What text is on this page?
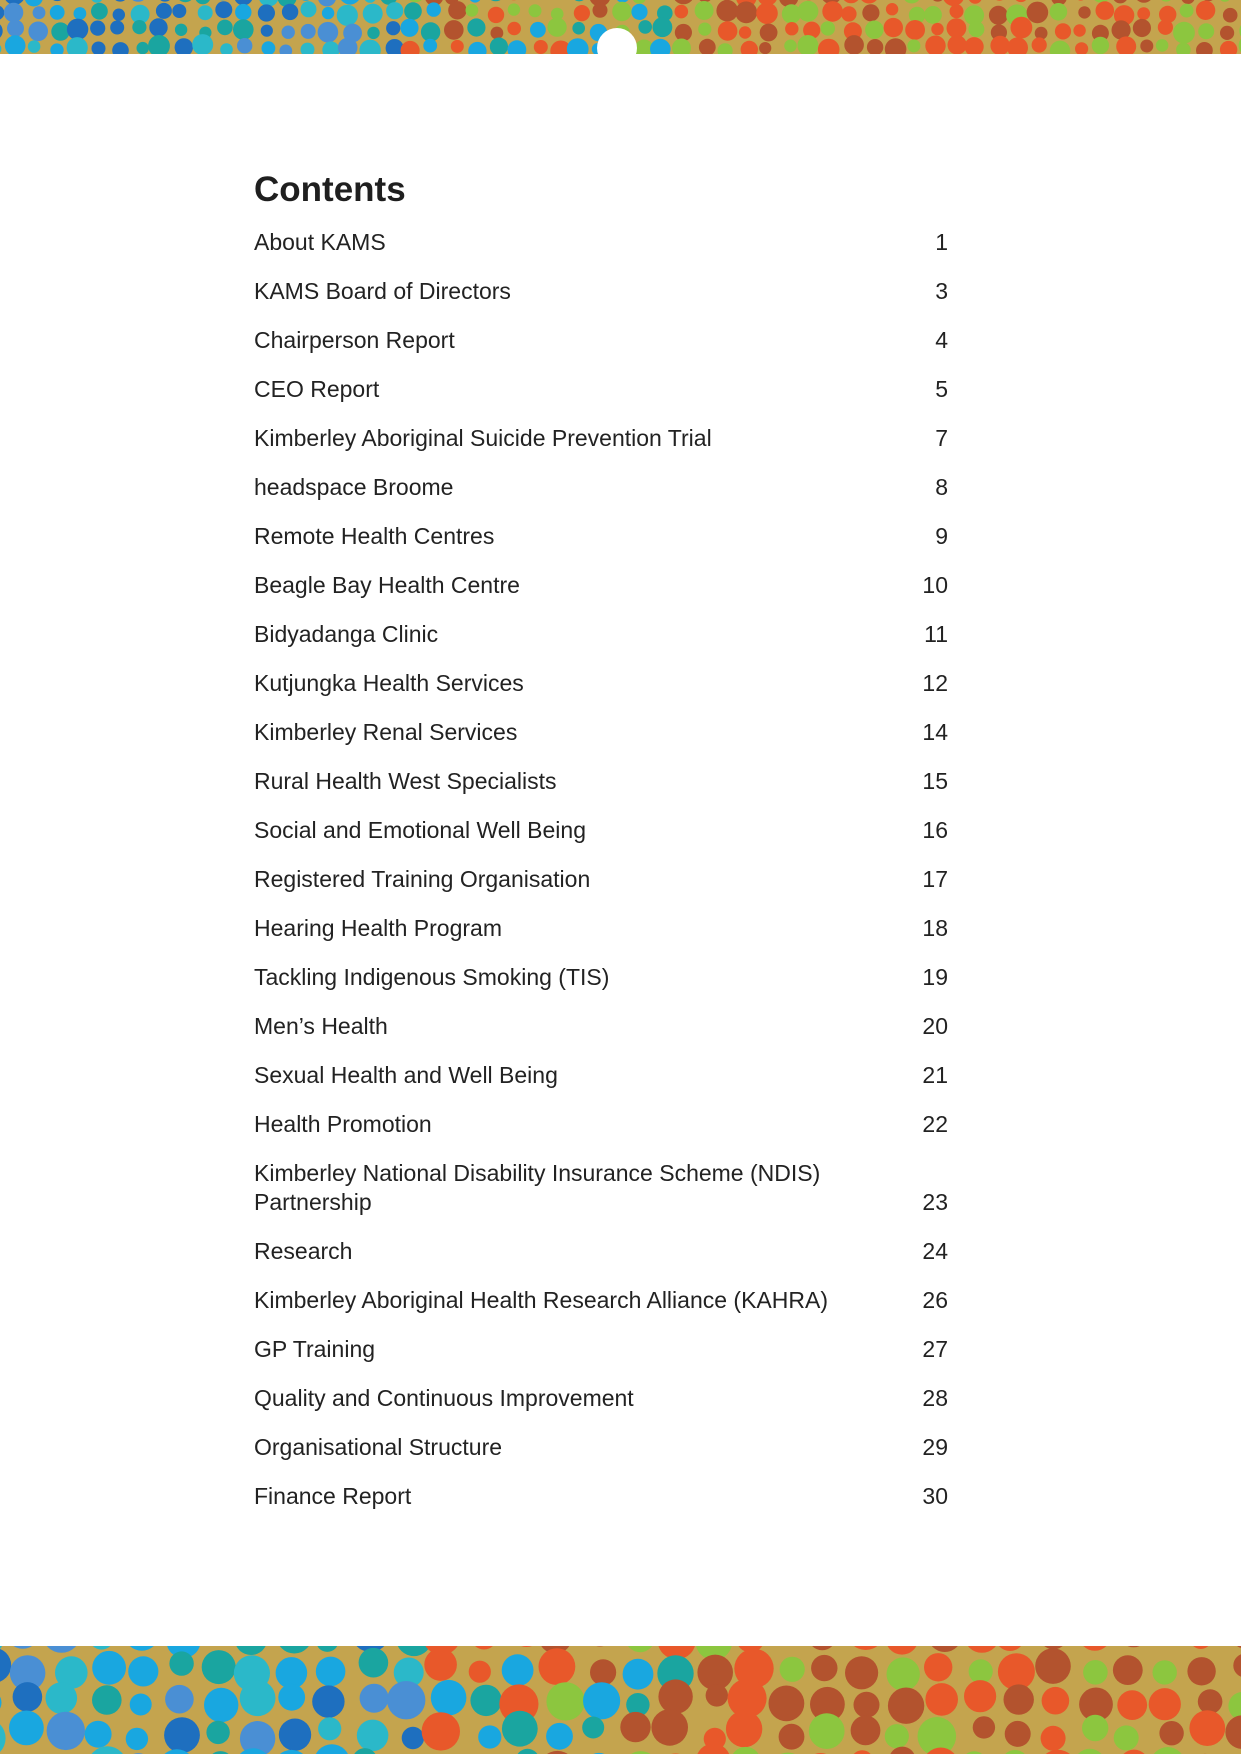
Contents
About KAMS	1
KAMS Board of Directors	3
Chairperson Report	4
CEO Report	5
Kimberley Aboriginal Suicide Prevention Trial	7
headspace Broome	8
Remote Health Centres	9
Beagle Bay Health Centre	10
Bidyadanga Clinic	11
Kutjungka Health Services	12
Kimberley Renal Services	14
Rural Health West Specialists	15
Social and Emotional Well Being	16
Registered Training Organisation	17
Hearing Health Program	18
Tackling Indigenous Smoking (TIS)	19
Men’s Health	20
Sexual Health and Well Being	21
Health Promotion	22
Kimberley National Disability Insurance Scheme (NDIS) Partnership	23
Research	24
Kimberley Aboriginal Health Research Alliance (KAHRA)	26
GP Training	27
Quality and Continuous Improvement	28
Organisational Structure	29
Finance Report	30
